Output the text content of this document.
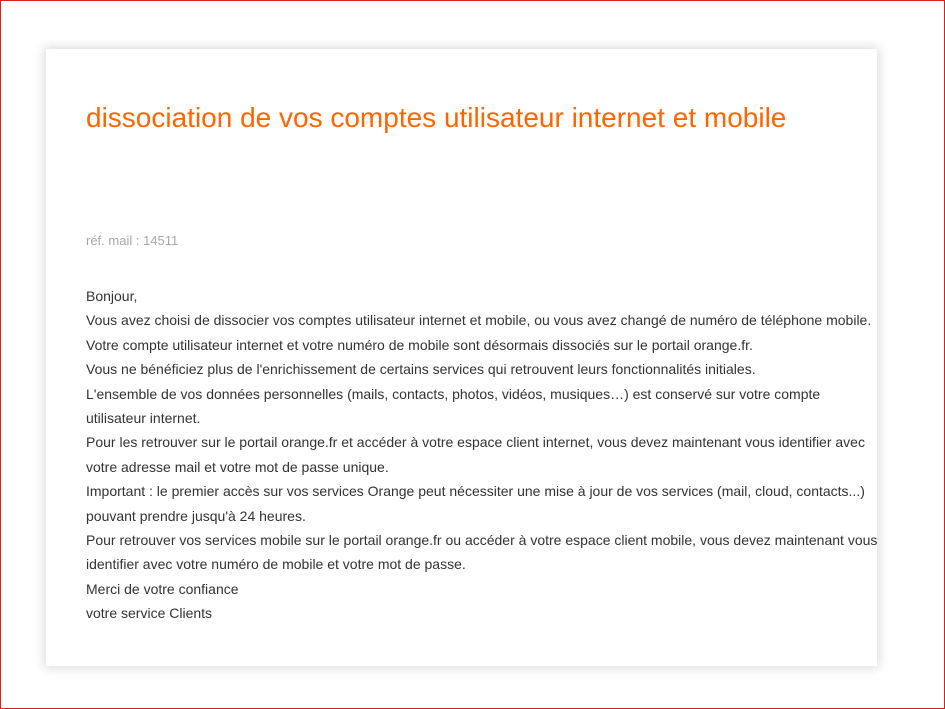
dissociation de vos comptes utilisateur internet et mobile
réf. mail : 14511

Bonjour,

Vous avez choisi de dissocier vos comptes utilisateur internet et mobile, ou vous avez changé de numéro de téléphone mobile.

Votre compte utilisateur internet et votre numéro de mobile sont désormais dissociés sur le portail orange.fr.

Vous ne bénéficiez plus de l'enrichissement de certains services qui retrouvent leurs fonctionnalités initiales.

L'ensemble de vos données personnelles (mails, contacts, photos, vidéos, musiques…) est conservé sur votre compte utilisateur internet.

Pour les retrouver sur le portail orange.fr et accéder à votre espace client internet, vous devez maintenant vous identifier avec votre adresse mail et votre mot de passe unique.

Important : le premier accès sur vos services Orange peut nécessiter une mise à jour de vos services (mail, cloud, contacts...) pouvant prendre jusqu'à 24 heures.

Pour retrouver vos services mobile sur le portail orange.fr ou accéder à votre espace client mobile, vous devez maintenant vous identifier avec votre numéro de mobile et votre mot de passe.

Merci de votre confiance

votre service Clients
